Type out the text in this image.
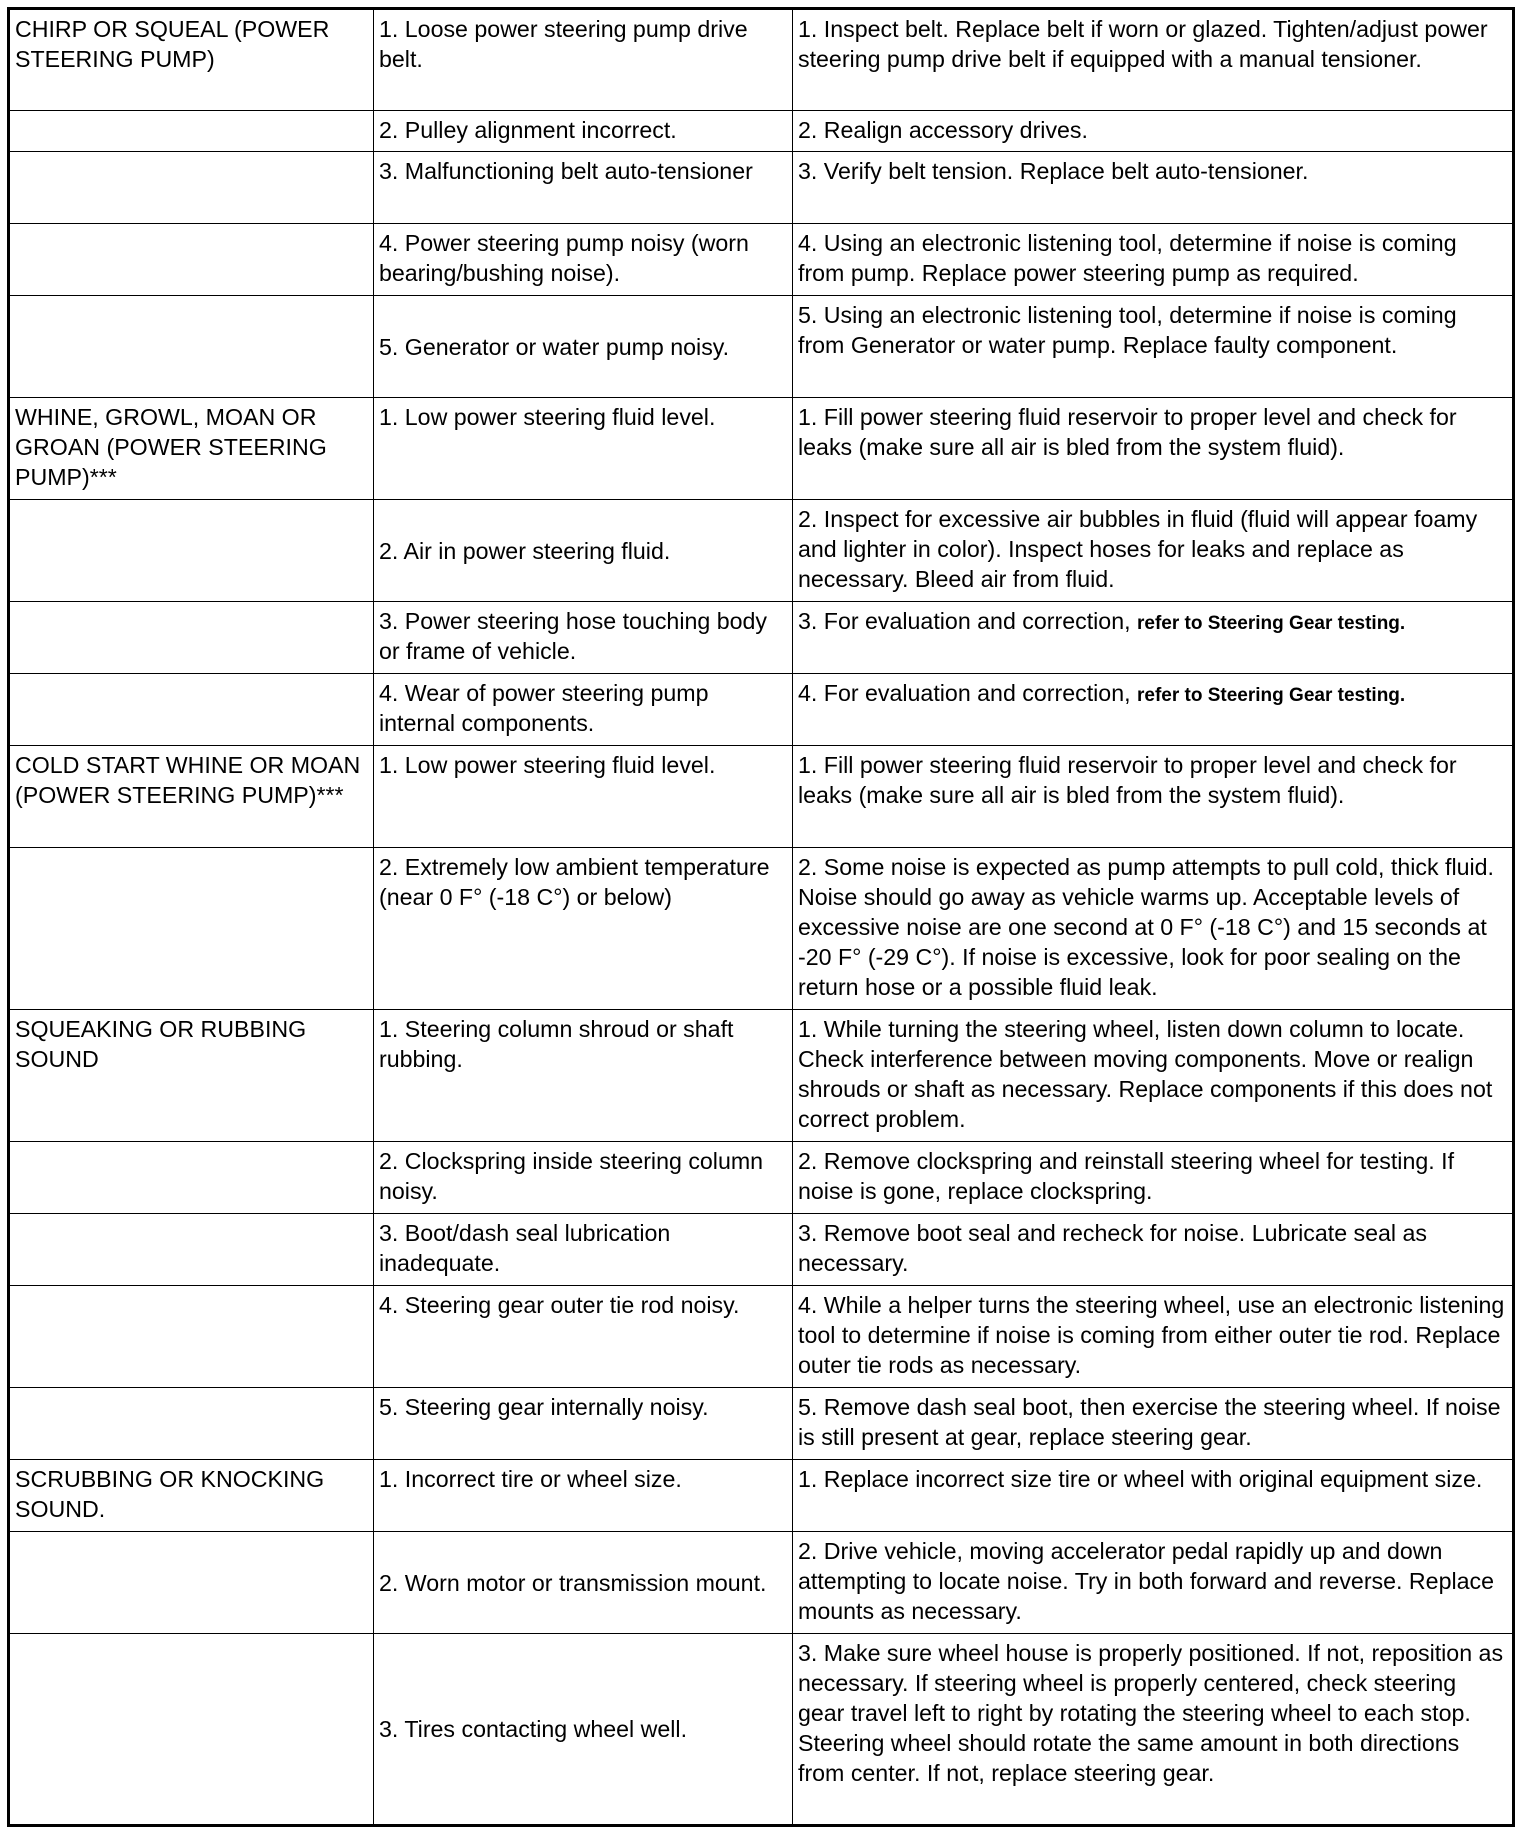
CHIRP OR SQUEAL (POWER STEERING PUMP)	1. Loose power steering pump drive belt.	1. Inspect belt. Replace belt if worn or glazed. Tighten/adjust power steering pump drive belt if equipped with a manual tensioner.
	2. Pulley alignment incorrect.	2. Realign accessory drives.
	3. Malfunctioning belt auto-tensioner	3. Verify belt tension. Replace belt auto-tensioner.
	4. Power steering pump noisy (worn bearing/bushing noise).	4. Using an electronic listening tool, determine if noise is coming from pump. Replace power steering pump as required.
	5. Generator or water pump noisy.	5. Using an electronic listening tool, determine if noise is coming from Generator or water pump. Replace faulty component.
WHINE, GROWL, MOAN OR GROAN (POWER STEERING PUMP)***	1. Low power steering fluid level.	1. Fill power steering fluid reservoir to proper level and check for leaks (make sure all air is bled from the system fluid).
	2. Air in power steering fluid.	2. Inspect for excessive air bubbles in fluid (fluid will appear foamy and lighter in color). Inspect hoses for leaks and replace as necessary. Bleed air from fluid.
	3. Power steering hose touching body or frame of vehicle.	3. For evaluation and correction, refer to Steering Gear testing.
	4. Wear of power steering pump internal components.	4. For evaluation and correction, refer to Steering Gear testing.
COLD START WHINE OR MOAN (POWER STEERING PUMP)***	1. Low power steering fluid level.	1. Fill power steering fluid reservoir to proper level and check for leaks (make sure all air is bled from the system fluid).
	2. Extremely low ambient temperature (near 0 F° (-18 C°) or below)	2. Some noise is expected as pump attempts to pull cold, thick fluid. Noise should go away as vehicle warms up. Acceptable levels of excessive noise are one second at 0 F° (-18 C°) and 15 seconds at -20 F° (-29 C°). If noise is excessive, look for poor sealing on the return hose or a possible fluid leak.
SQUEAKING OR RUBBING SOUND	1. Steering column shroud or shaft rubbing.	1. While turning the steering wheel, listen down column to locate. Check interference between moving components. Move or realign shrouds or shaft as necessary. Replace components if this does not correct problem.
	2. Clockspring inside steering column noisy.	2. Remove clockspring and reinstall steering wheel for testing. If noise is gone, replace clockspring.
	3. Boot/dash seal lubrication inadequate.	3. Remove boot seal and recheck for noise. Lubricate seal as necessary.
	4. Steering gear outer tie rod noisy.	4. While a helper turns the steering wheel, use an electronic listening tool to determine if noise is coming from either outer tie rod. Replace outer tie rods as necessary.
	5. Steering gear internally noisy.	5. Remove dash seal boot, then exercise the steering wheel. If noise is still present at gear, replace steering gear.
SCRUBBING OR KNOCKING SOUND.	1. Incorrect tire or wheel size.	1. Replace incorrect size tire or wheel with original equipment size.
	2. Worn motor or transmission mount.	2. Drive vehicle, moving accelerator pedal rapidly up and down attempting to locate noise. Try in both forward and reverse. Replace mounts as necessary.
	3. Tires contacting wheel well.	3. Make sure wheel house is properly positioned. If not, reposition as necessary. If steering wheel is properly centered, check steering gear travel left to right by rotating the steering wheel to each stop. Steering wheel should rotate the same amount in both directions from center. If not, replace steering gear.
